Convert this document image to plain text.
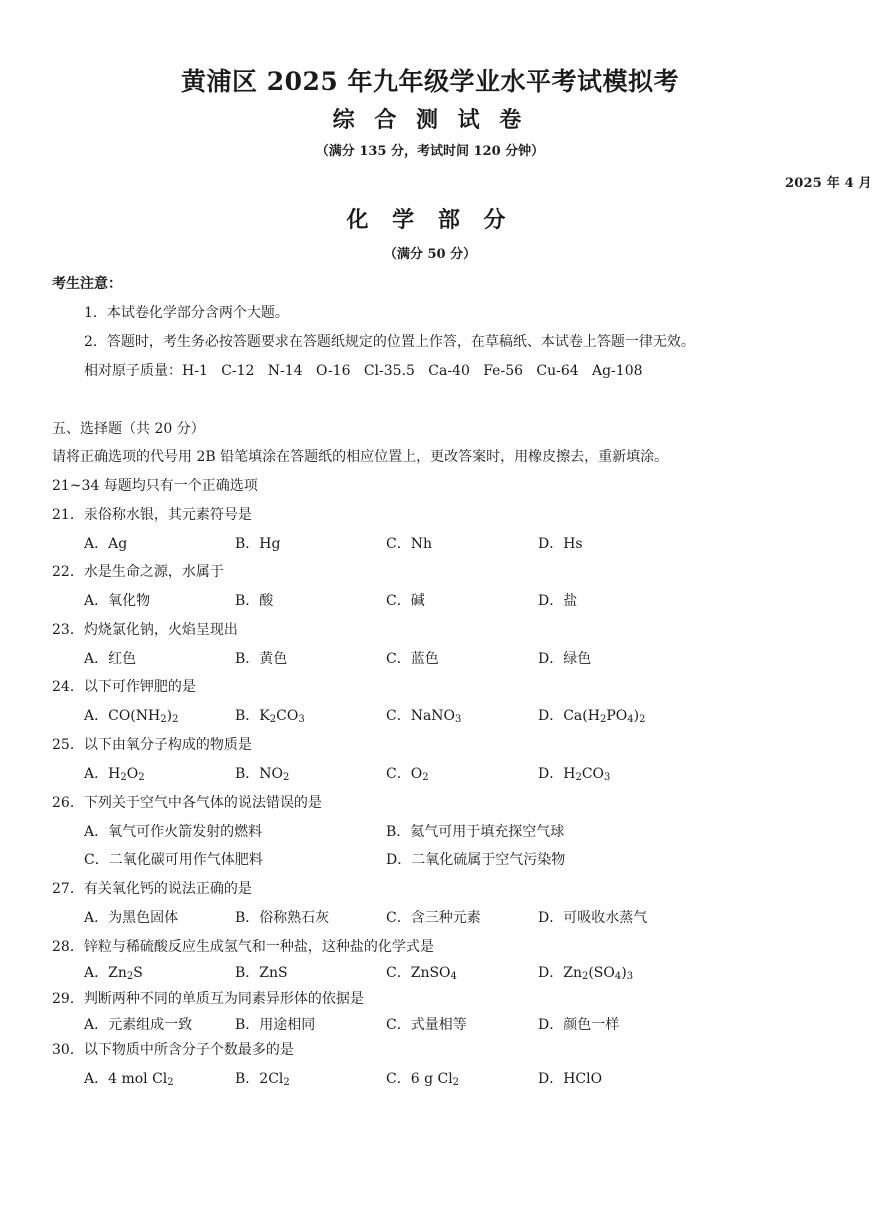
黄浦区 2025 年九年级学业水平考试模拟考
综 合 测 试 卷
（满分 135 分，考试时间 120 分钟）
2025 年 4 月
化 学 部 分
（满分 50 分）
考生注意：
1．本试卷化学部分含两个大题。
2．答题时，考生务必按答题要求在答题纸规定的位置上作答，在草稿纸、本试卷上答题一律无效。
相对原子质量：H-1   C-12   N-14   O-16   Cl-35.5   Ca-40   Fe-56   Cu-64   Ag-108
五、选择题（共 20 分）
请将正确选项的代号用 2B 铅笔填涂在答题纸的相应位置上，更改答案时，用橡皮擦去，重新填涂。
21~34 每题均只有一个正确选项
21．汞俗称水银，其元素符号是
A．Ag	B．Hg	C．Nh	D．Hs
22．水是生命之源，水属于
A．氧化物	B．酸	C．碱	D．盐
23．灼烧氯化钠，火焰呈现出
A．红色	B．黄色	C．蓝色	D．绿色
24．以下可作钾肥的是
A．$CO(NH_2)_2$	B．$K_2CO_3$	C．NaNO$_3$	D．$Ca(H_2PO_4)_2$
25．以下由氧分子构成的物质是
A．$H_2O_2$	B．$NO_2$	C．$O_2$	D．$H_2CO_3$
26．下列关于空气中各气体的说法错误的是
A．氧气可作火箭发射的燃料	B．氦气可用于填充探空气球
C．二氧化碳可用作气体肥料	D．二氧化硫属于空气污染物
27．有关氧化钙的说法正确的是
A．为黑色固体	B．俗称熟石灰	C．含三种元素	D．可吸收水蒸气
28．锌粒与稀硫酸反应生成氢气和一种盐，这种盐的化学式是
A．$Zn_2S$	B．ZnS	C．ZnSO$_4$	D．$Zn_2(SO_4)_3$
29．判断两种不同的单质互为同素异形体的依据是
A．元素组成一致	B．用途相同	C．式量相等	D．颜色一样
30．以下物质中所含分子个数最多的是
A．4 mol $Cl_2$	B．$2Cl_2$	C．6 g $Cl_2$	D．HClO
